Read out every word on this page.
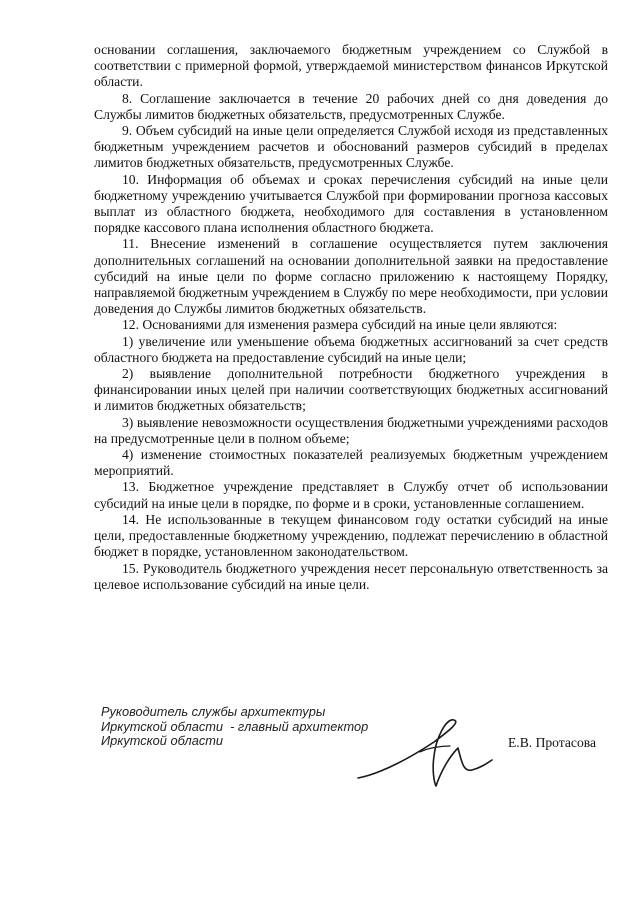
основании соглашения, заключаемого бюджетным учреждением со Службой в соответствии с примерной формой, утверждаемой министерством финансов Иркутской области.

8. Соглашение заключается в течение 20 рабочих дней со дня доведения до Службы лимитов бюджетных обязательств, предусмотренных Службе.

9. Объем субсидий на иные цели определяется Службой исходя из представленных бюджетным учреждением расчетов и обоснований размеров субсидий в пределах лимитов бюджетных обязательств, предусмотренных Службе.

10. Информация об объемах и сроках перечисления субсидий на иные цели бюджетному учреждению учитывается Службой при формировании прогноза кассовых выплат из областного бюджета, необходимого для составления в установленном порядке кассового плана исполнения областного бюджета.

11. Внесение изменений в соглашение осуществляется путем заключения дополнительных соглашений на основании дополнительной заявки на предоставление субсидий на иные цели по форме согласно приложению к настоящему Порядку, направляемой бюджетным учреждением в Службу по мере необходимости, при условии доведения до Службы лимитов бюджетных обязательств.

12. Основаниями для изменения размера субсидий на иные цели являются:

1) увеличение или уменьшение объема бюджетных ассигнований за счет средств областного бюджета на предоставление субсидий на иные цели;

2) выявление дополнительной потребности бюджетного учреждения в финансировании иных целей при наличии соответствующих бюджетных ассигнований и лимитов бюджетных обязательств;

3) выявление невозможности осуществления бюджетными учреждениями расходов на предусмотренные цели в полном объеме;

4) изменение стоимостных показателей реализуемых бюджетным учреждением мероприятий.

13. Бюджетное учреждение представляет в Службу отчет об использовании субсидий на иные цели в порядке, по форме и в сроки, установленные соглашением.

14. Не использованные в текущем финансовом году остатки субсидий на иные цели, предоставленные бюджетному учреждению, подлежат перечислению в областной бюджет в порядке, установленном законодательством.

15. Руководитель бюджетного учреждения несет персональную ответственность за целевое использование субсидий на иные цели.

Руководитель службы архитектуры
Иркутской области  - главный архитектор
Иркутской области	Е.В. Протасова
